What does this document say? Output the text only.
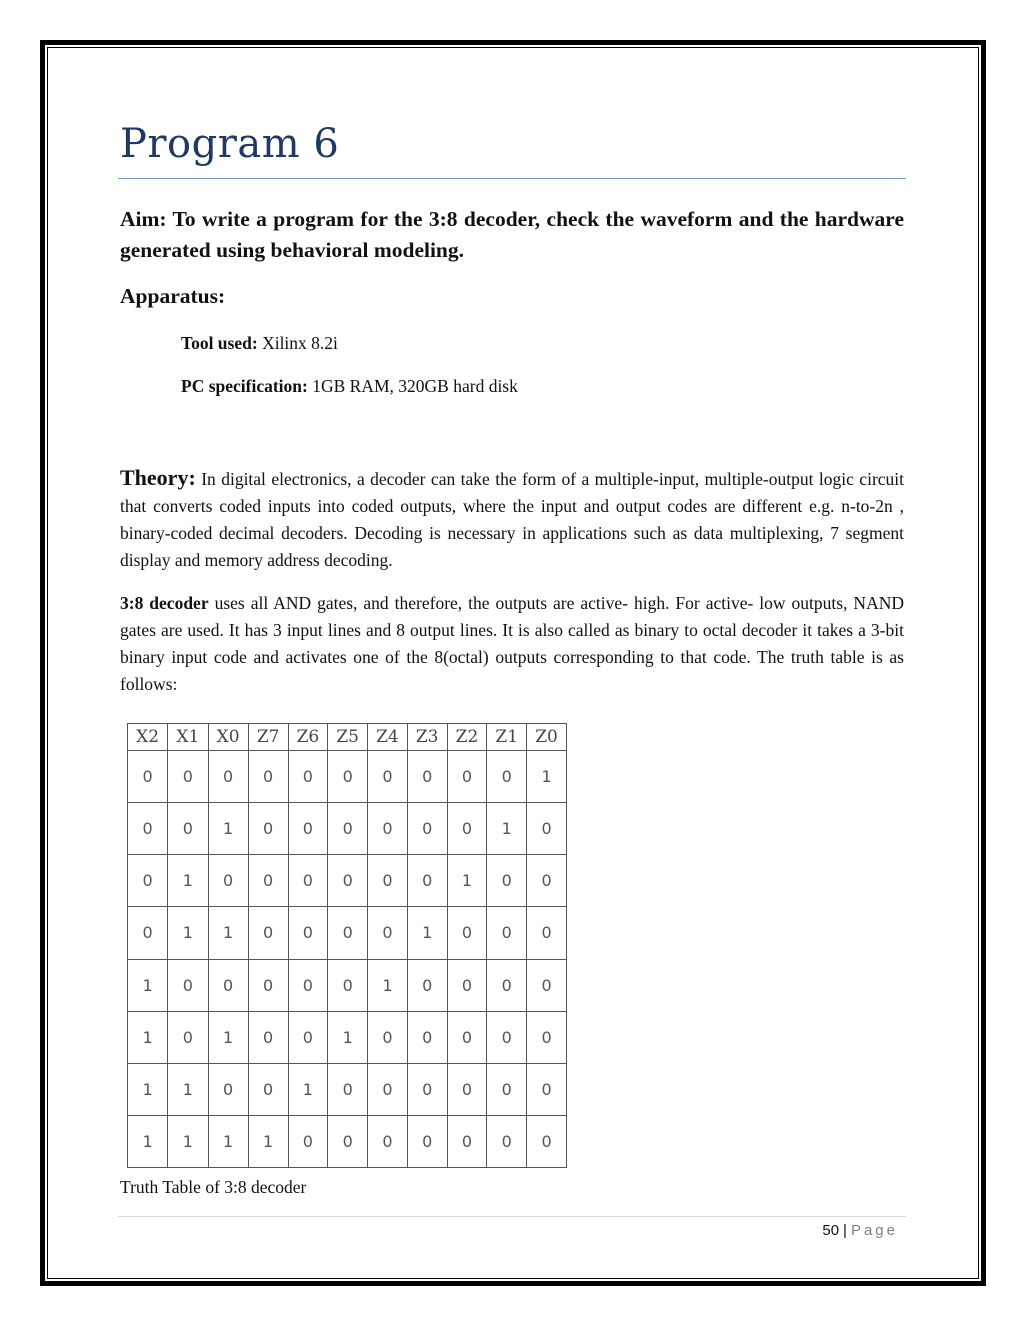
Program 6
Aim: To write a program for the 3:8 decoder, check the waveform and the hardware generated using behavioral modeling.
Apparatus:
Tool used: Xilinx 8.2i
PC specification: 1GB RAM, 320GB hard disk
Theory: In digital electronics, a decoder can take the form of a multiple-input, multiple-output logic circuit that converts coded inputs into coded outputs, where the input and output codes are different e.g. n-to-2n , binary-coded decimal decoders. Decoding is necessary in applications such as data multiplexing, 7 segment display and memory address decoding.
3:8 decoder uses all AND gates, and therefore, the outputs are active- high. For active- low outputs, NAND gates are used. It has 3 input lines and 8 output lines. It is also called as binary to octal decoder it takes a 3-bit binary input code and activates one of the 8(octal) outputs corresponding to that code. The truth table is as follows:
X2	X1	X0	Z7	Z6	Z5	Z4	Z3	Z2	Z1	Z0
0	0	0	0	0	0	0	0	0	0	1
0	0	1	0	0	0	0	0	0	1	0
0	1	0	0	0	0	0	0	1	0	0
0	1	1	0	0	0	0	1	0	0	0
1	0	0	0	0	0	1	0	0	0	0
1	0	1	0	0	1	0	0	0	0	0
1	1	0	0	1	0	0	0	0	0	0
1	1	1	1	0	0	0	0	0	0	0
Truth Table of 3:8 decoder
50 | Page
